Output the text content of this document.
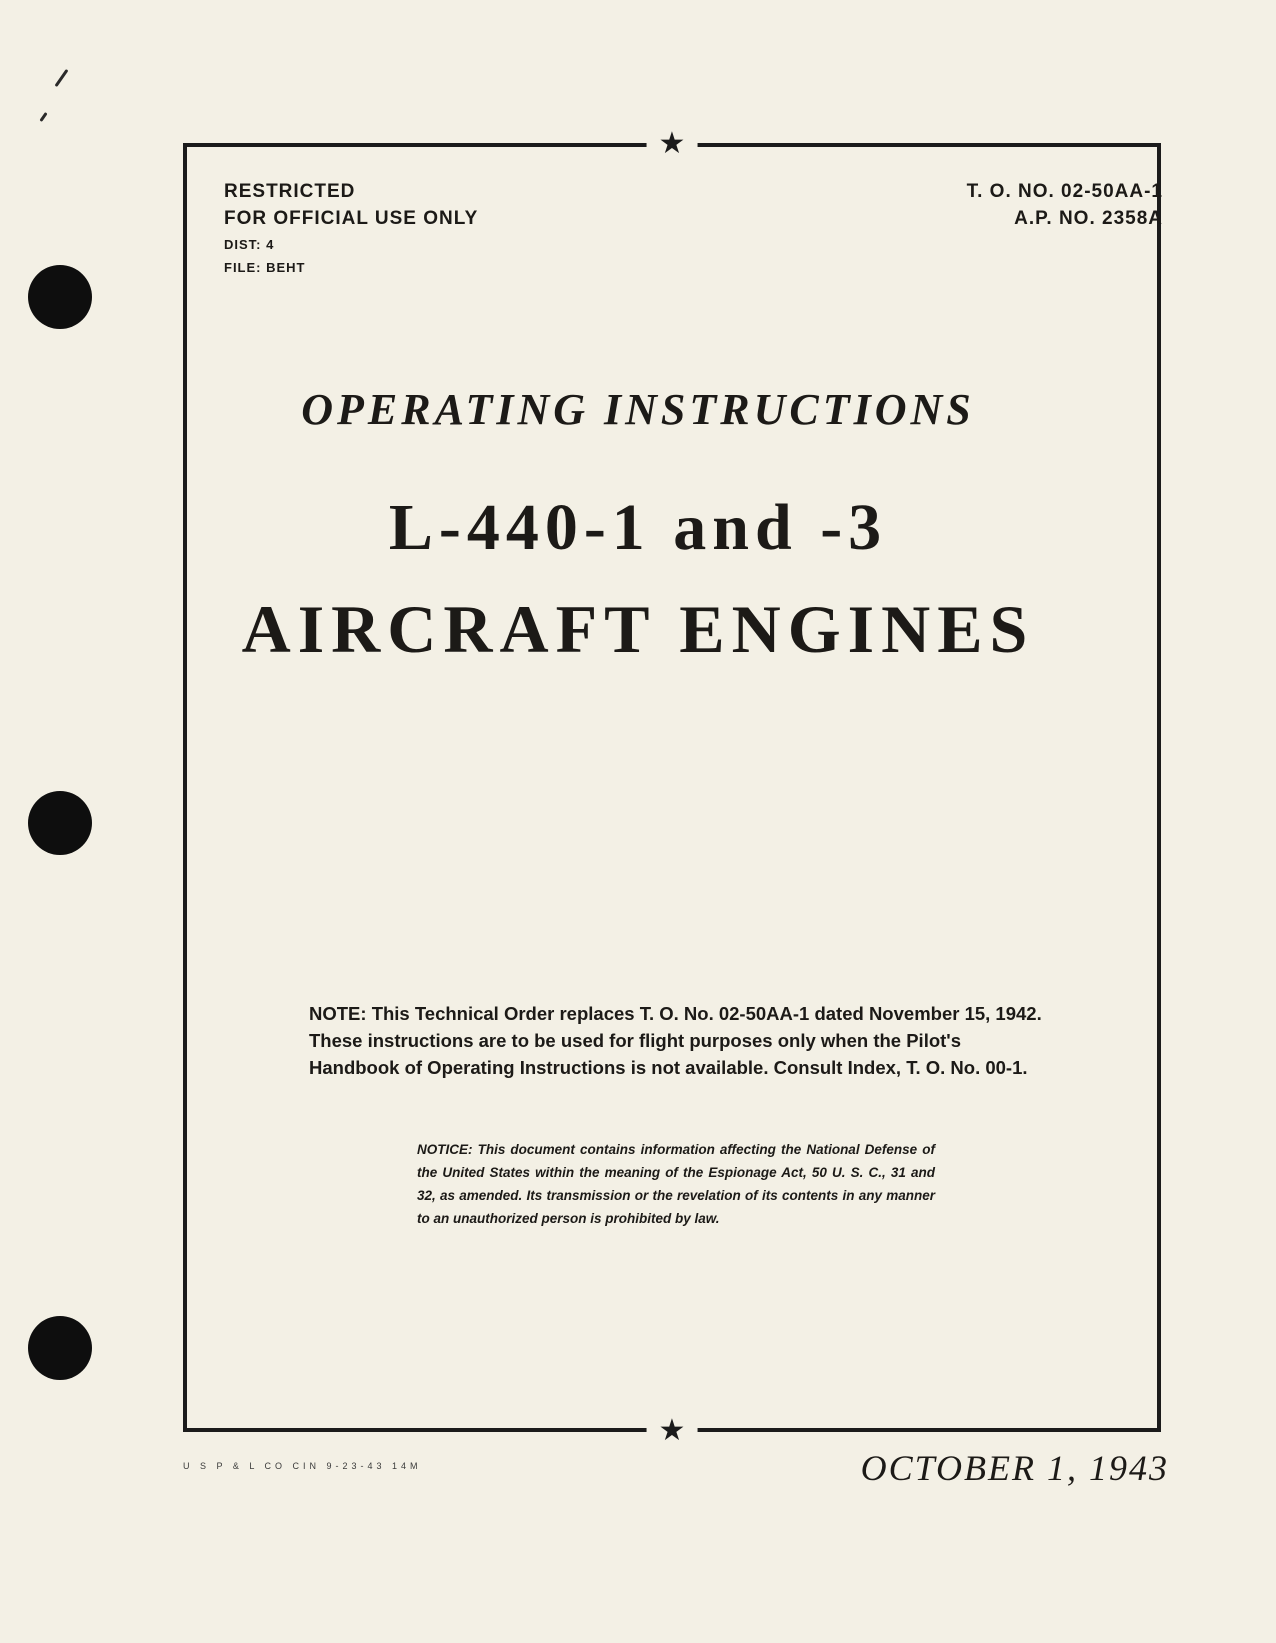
★
★
RESTRICTED
FOR OFFICIAL USE ONLY
DIST: 4
FILE: BEHT
T. O. NO. 02-50AA-1
A.P. NO. 2358A
OPERATING INSTRUCTIONS
L-440-1 and -3
AIRCRAFT ENGINES
NOTE: This Technical Order replaces T. O. No. 02-50AA-1 dated November 15, 1942. These instructions are to be used for flight purposes only when the Pilot's Handbook of Operating Instructions is not available. Consult Index, T. O. No. 00-1.
NOTICE: This document contains information affecting the National Defense of the United States within the meaning of the Espionage Act, 50 U. S. C., 31 and 32, as amended. Its transmission or the revelation of its contents in any manner to an unauthorized person is prohibited by law.
U S P & L CO CIN 9-23-43 14M	OCTOBER 1, 1943
